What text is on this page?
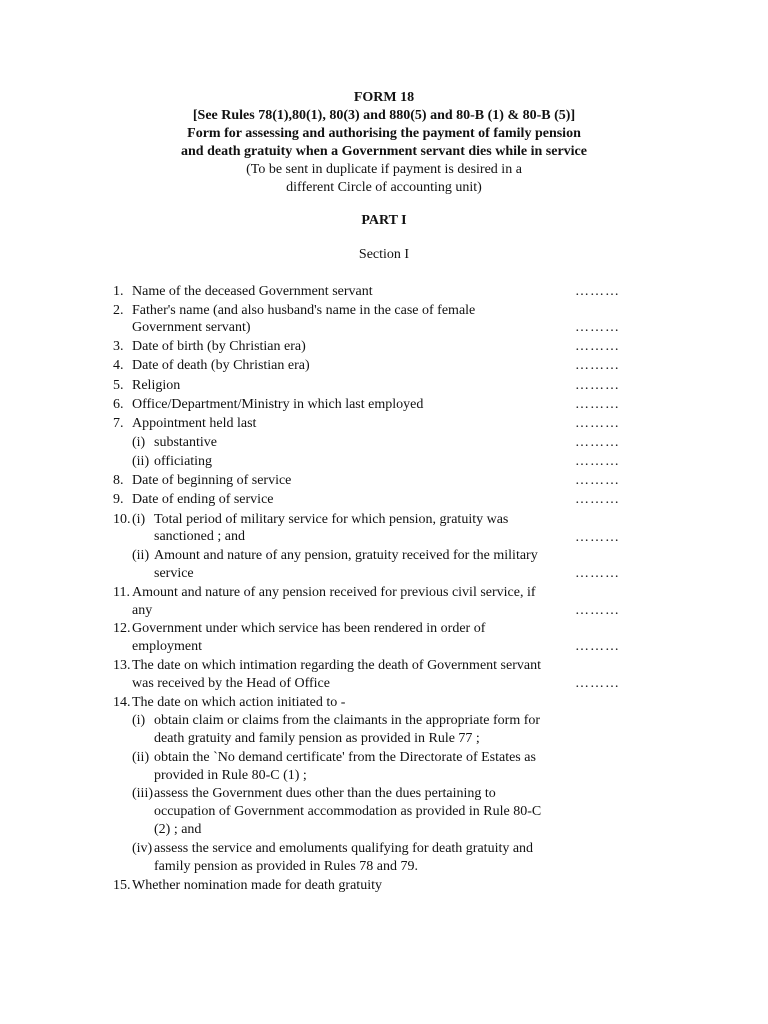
FORM 18
[See Rules 78(1),80(1), 80(3) and 880(5) and 80-B (1) & 80-B (5)]
Form for assessing and authorising the payment of family pension
and death gratuity when a Government servant dies while in service
(To be sent in duplicate if payment is desired in a
different Circle of accounting unit)
PART I
Section I
1. Name of the deceased Government servant	………
2. Father's name (and also husband's name in the case of female
Government servant)	………
3. Date of birth (by Christian era)	………
4. Date of death (by Christian era)	………
5. Religion	………
6. Office/Department/Ministry in which last employed	………
7. Appointment held last	………
(i) substantive	………
(ii) officiating	………
8. Date of beginning of service	………
9. Date of ending of service	………
10. (i) Total period of military service for which pension, gratuity was
sanctioned ; and	………
(ii) Amount and nature of any pension, gratuity received for the military
service	………
11. Amount and nature of any pension received for previous civil service, if
any	………
12. Government under which service has been rendered in order of
employment	………
13. The date on which intimation regarding the death of Government servant
was received by the Head of Office	………
14. The date on which action initiated to -
(i) obtain claim or claims from the claimants in the appropriate form for
death gratuity and family pension as provided in Rule 77 ;
(ii) obtain the `No demand certificate' from the Directorate of Estates as
provided in Rule 80-C (1) ;
(iii) assess the Government dues other than the dues pertaining to
occupation of Government accommodation as provided in Rule 80-C
(2) ; and
(iv) assess the service and emoluments qualifying for death gratuity and
family pension as provided in Rules 78 and 79.
15. Whether nomination made for death gratuity
